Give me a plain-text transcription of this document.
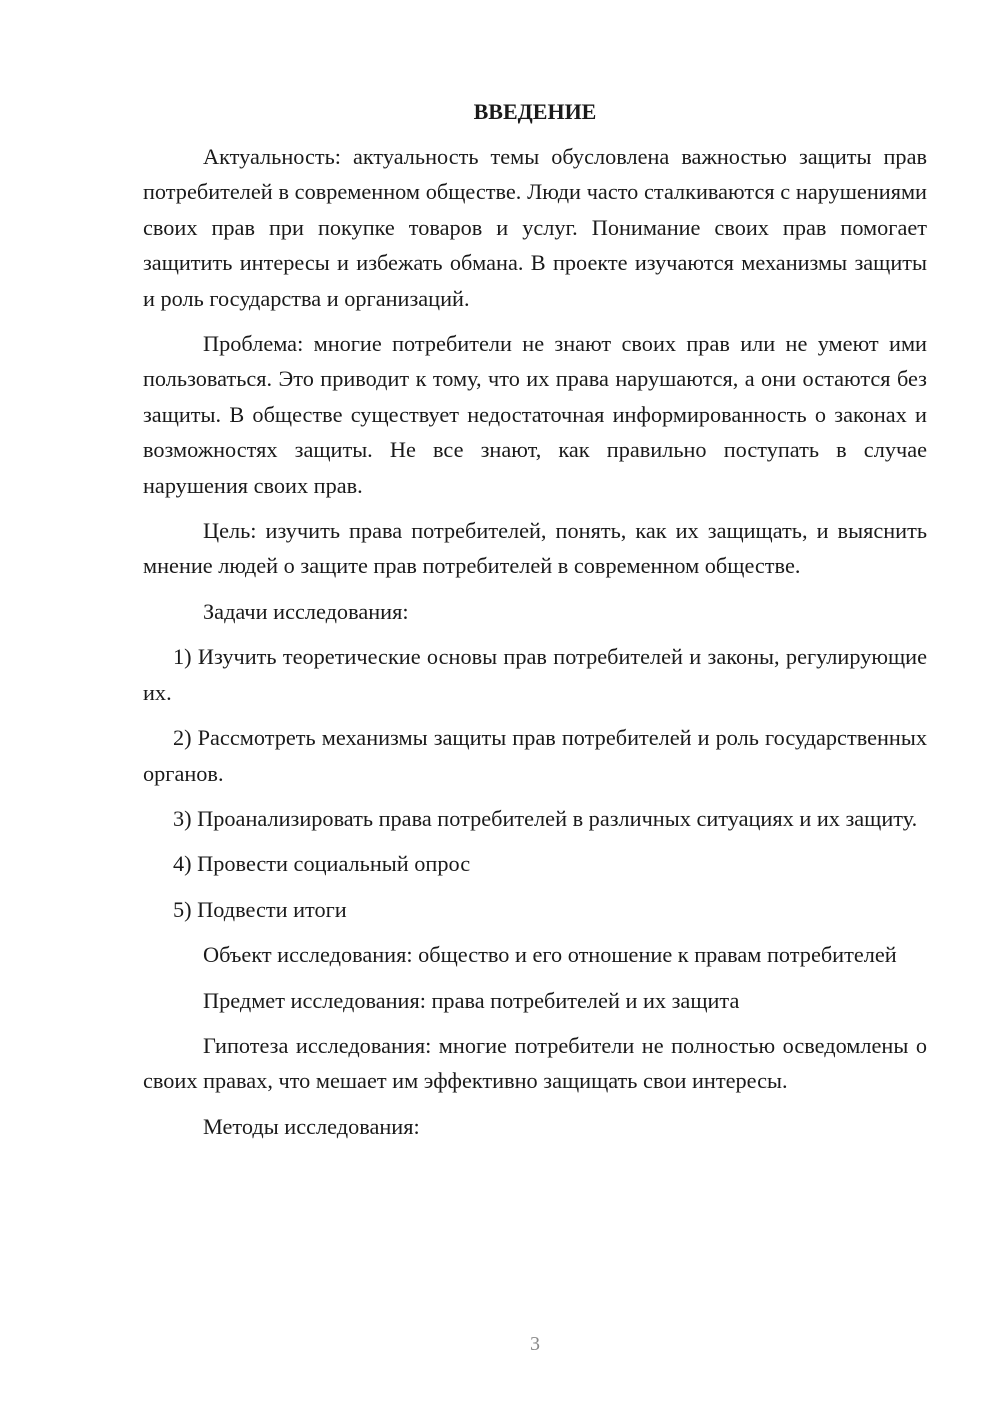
ВВЕДЕНИЕ

Актуальность: актуальность темы обусловлена важностью защиты прав потребителей в современном обществе. Люди часто сталкиваются с нарушениями своих прав при покупке товаров и услуг. Понимание своих прав помогает защитить интересы и избежать обмана. В проекте изучаются механизмы защиты и роль государства и организаций.

Проблема: многие потребители не знают своих прав или не умеют ими пользоваться. Это приводит к тому, что их права нарушаются, а они остаются без защиты. В обществе существует недостаточная информированность о законах и возможностях защиты. Не все знают, как правильно поступать в случае нарушения своих прав.

Цель: изучить права потребителей, понять, как их защищать, и выяснить мнение людей о защите прав потребителей в современном обществе.

Задачи исследования:

1) Изучить теоретические основы прав потребителей и законы, регулирующие их.

2) Рассмотреть механизмы защиты прав потребителей и роль государственных органов.

3) Проанализировать права потребителей в различных ситуациях и их защиту.

4) Провести социальный опрос

5) Подвести итоги

Объект исследования: общество и его отношение к правам потребителей

Предмет исследования: права потребителей и их защита

Гипотеза исследования: многие потребители не полностью осведомлены о своих правах, что мешает им эффективно защищать свои интересы.

Методы исследования:

3
